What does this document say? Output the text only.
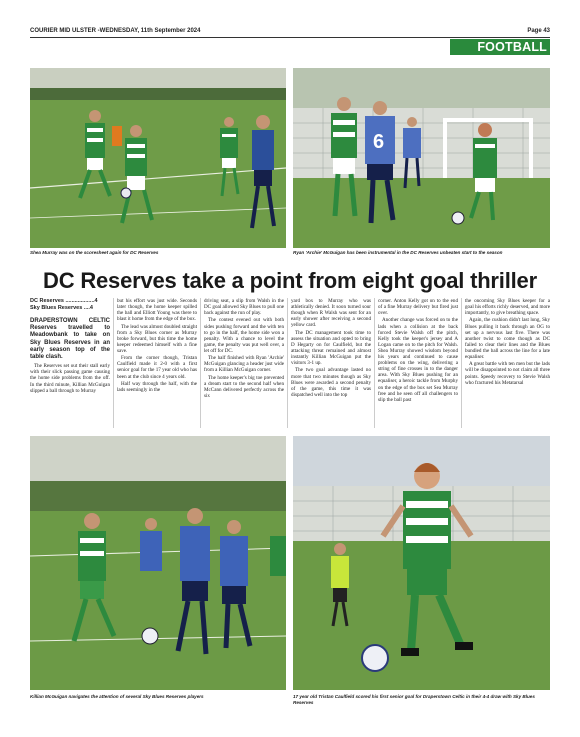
COURIER MID ULSTER -WEDNESDAY, 11th September 2024	Page 43
FOOTBALL
Shea Murray was on the scoresheet again for DC Reserves
6
Ryan 'Archie' McGuigan has been instrumental in the DC Reserves unbeaten start to the season
DC Reserves take a point from eight goal thriller
DC Reserves ...................4
Sky Blues Reserves ....4
DRAPERSTOWN CELTIC Reserves travelled to Meadowbank to take on Sky Blues Reserves in an early season top of the table clash.

The Reserves set out their stall early with their slick passing game causing the home side problems from the off. In the third minute, Killian McGuigan slipped a ball through to Murray

but his effort was just wide. Seconds later though, the home keeper spilled the ball and Elliott Young was there to blast it home from the edge of the box.

The lead was almost doubled straight from a Sky Blues corner as Murray broke forward, but this time the home keeper redeemed himself with a fine save.

From the corner though, Tristan Caulfield made it 2-0 with a first senior goal for the 17 year old who has been at the club since 4 years old.

Half way through the half, with the lads seemingly in the

driving seat, a slip from Walsh in the DC goal allowed Sky Blues to pull one back against the run of play.

The contest evened out with both sides pushing forward and the with ten to go in the half, the home side won a penalty. With a chance to level the game, the penalty was put well over, a let off for DC.

The half finished with Ryan 'Archie' McGuigan glancing a header just wide from a Killian McGuigan corner.

The home keeper's big toe prevented a dream start to the second half when McCann delivered perfectly across the six

yard box to Murray who was athletically denied. It soon turned sour though when R Walsh was sent for an early shower after receiving a second yellow card.

The DC management took time to assess the situation and opted to bring D Hegarty on for Caulfield, but the attacking threat remained and almost instantly Killian McGuigan put the visitors 3-1 up.

The two goal advantage lasted no more that two minutes though as Sky Blues were awarded a second penalty of the game, this time it was dispatched well into the top

corner. Anton Kelly got on to the end of a fine Murray delivery but fired just over.

Another change was forced on to the lads when a collision at the back forced Stevie Walsh off the pitch, Kelly took the keeper's jersey and A Logan came on to the pitch for Walsh. Shea Murray showed wisdom beyond his years and continued to cause problems on the wing, delivering a string of fine crosses in to the danger area. With Sky Blues pushing for an equaliser, a heroic tackle from Murphy on the edge of the box set Sea Murray free and he seen off all challengers to slip the ball past

the oncoming Sky Blues keeper for a goal his efforts richly deserved, and more importantly, to give breathing space.

Again, the cushion didn't last long, Sky Blues pulling it back through an OG to set up a nervous last five. There was another twist to come though as DC failed to clear their lines and the Blues bundled the ball across the line for a late equaliser.

A great battle with ten men but the lads will be disappointed to not claim all three points. Speedy recovery to Stevie Walsh who fractured his Metatarsal

Killian McGuigan navigates the attention of several Sky Blues Reserves players	17 year old Tristan Caulfield scored his first senior goal for Draperstown Celtic in their 4-4 draw with Sky Blues Reserves
